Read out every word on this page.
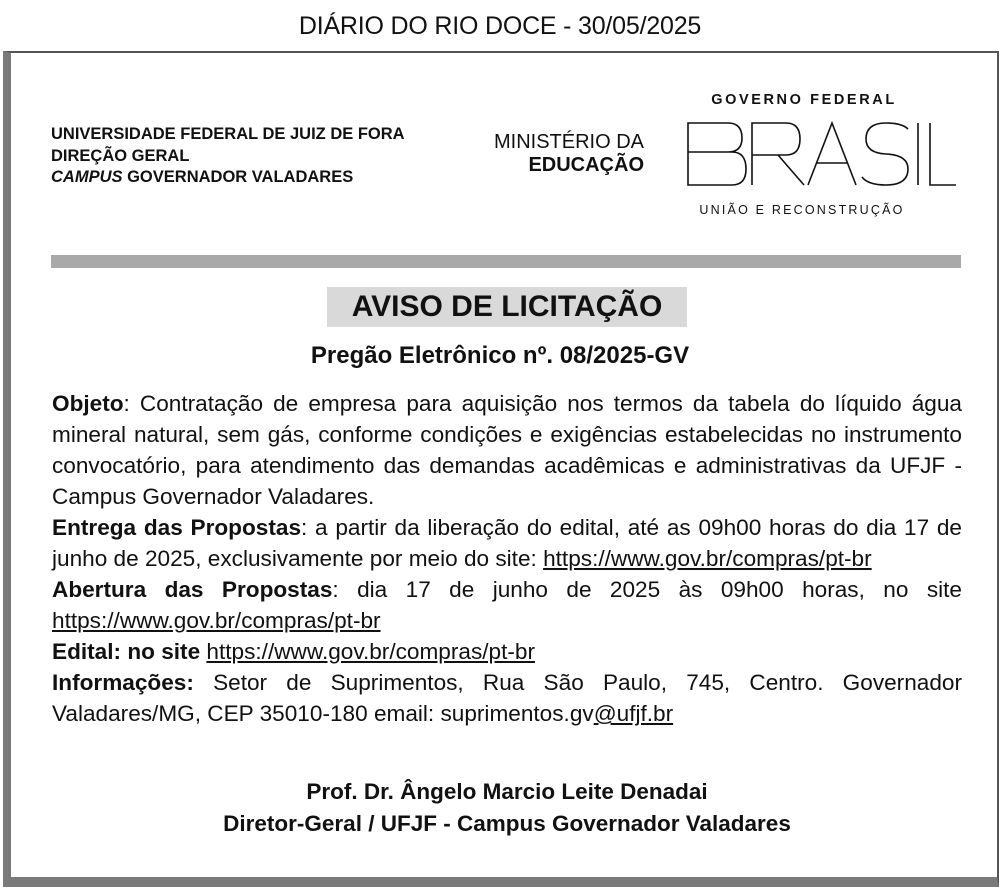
DIÁRIO DO RIO DOCE - 30/05/2025
UNIVERSIDADE FEDERAL DE JUIZ DE FORA
DIREÇÃO GERAL
CAMPUS GOVERNADOR VALADARES
MINISTÉRIO DA
EDUCAÇÃO
GOVERNO FEDERAL
UNIÃO E RECONSTRUÇÃO
AVISO DE LICITAÇÃO
Pregão Eletrônico nº. 08/2025-GV

Objeto: Contratação de empresa para aquisição nos termos da tabela do líquido água mineral natural, sem gás, conforme condições e exigências estabelecidas no instrumento convocatório, para atendimento das demandas acadêmicas e administrativas da UFJF - Campus Governador Valadares.

Entrega das Propostas: a partir da liberação do edital, até as 09h00 horas do dia 17 de junho de 2025, exclusivamente por meio do site: https://www.gov.br/compras/pt-br

Abertura das Propostas: dia 17 de junho de 2025 às 09h00 horas, no site https://www.gov.br/compras/pt-br

Edital: no site https://www.gov.br/compras/pt-br

Informações: Setor de Suprimentos, Rua São Paulo, 745, Centro. Governador Valadares/MG, CEP 35010-180 email: suprimentos.gv@ufjf.br

Prof. Dr. Ângelo Marcio Leite Denadai
Diretor-Geral / UFJF - Campus Governador Valadares
